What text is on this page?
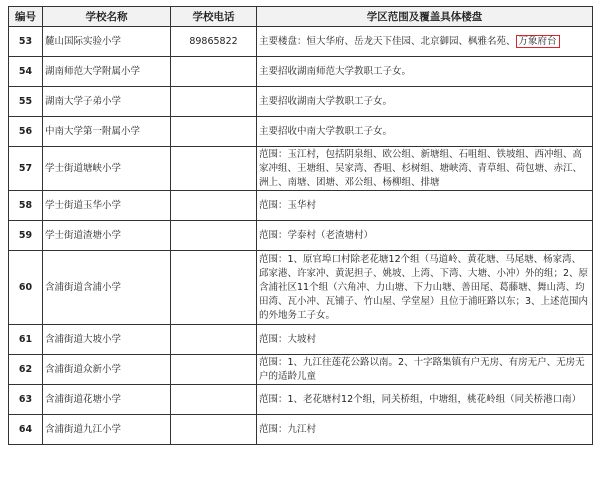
编号	学校名称	学校电话	学区范围及覆盖具体楼盘
53	麓山国际实验小学	89865822	主要楼盘：恒大华府、岳龙天下佳园、北京御园、枫雅名苑、 万象府台
54	湖南师范大学附属小学		主要招收湖南师范大学教职工子女。
55	湖南大学子弟小学		主要招收湖南大学教职工子女。
56	中南大学第一附属小学		主要招收中南大学教职工子女。
57	学士街道塘峡小学		范围：玉江村，包括阴泉组、欧公组、新塘组、石咀组、铁坡组、西冲组、高家冲组、王塘组、吴家湾、香咀、杉树组、塘峡湾、青草组、荷包塘、赤江、洲上、南塘、团塘、邓公组、杨柳组、排塘
58	学士街道玉华小学		范围：玉华村
59	学士街道渣塘小学		范围：学泰村（老渣塘村）
60	含浦街道含浦小学		范围：1、原官埠口村除老花塘12个组（马道岭、黄花塘、马尾塘、杨家湾、邱家港、许家冲、黄泥担子、姚坡、上湾、下湾、大塘、小冲）外的组；2、原含浦社区11个组（六角冲、力山塘、下力山塘、善田尾、葛藤塘、舞山湾、均田湾、瓦小冲、瓦铺子、竹山屋、学堂屋）且位于浦旺路以东；3、上述范围内的外地务工子女。
61	含浦街道大坡小学		范围：大坡村
62	含浦街道众新小学		范围：1、九江往莲花公路以南。2、十字路集镇有户无房、有房无户、无房无户的适龄儿童
63	含浦街道花塘小学		范围：1、老花塘村12个组，同关桥组，中塘组，桃花岭组（同关桥港口南）
64	含浦街道九江小学		范围：九江村
